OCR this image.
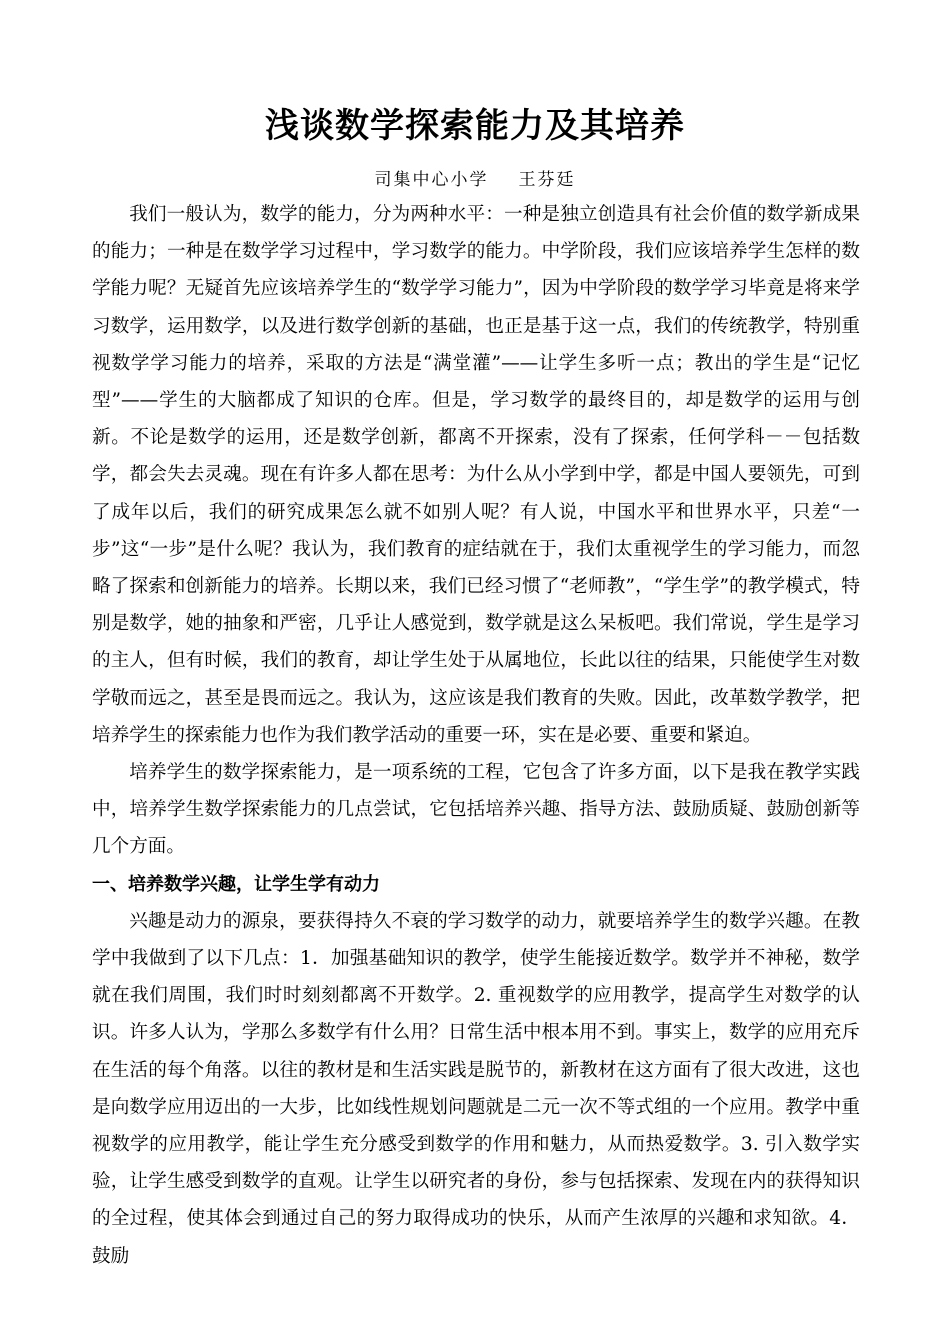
浅谈数学探索能力及其培养
司集中心小学 王芬廷

我们一般认为，数学的能力，分为两种水平：一种是独立创造具有社会价值的数学新成果的能力；一种是在数学学习过程中，学习数学的能力。中学阶段，我们应该培养学生怎样的数学能力呢？无疑首先应该培养学生的“数学学习能力”，因为中学阶段的数学学习毕竟是将来学习数学，运用数学，以及进行数学创新的基础，也正是基于这一点，我们的传统教学，特别重视数学学习能力的培养，采取的方法是“满堂灌”——让学生多听一点；教出的学生是“记忆型”——学生的大脑都成了知识的仓库。但是，学习数学的最终目的，却是数学的运用与创新。不论是数学的运用，还是数学创新，都离不开探索，没有了探索，任何学科－－包括数学，都会失去灵魂。现在有许多人都在思考：为什么从小学到中学，都是中国人要领先，可到了成年以后，我们的研究成果怎么就不如别人呢？有人说，中国水平和世界水平，只差“一步”这“一步”是什么呢？我认为，我们教育的症结就在于，我们太重视学生的学习能力，而忽略了探索和创新能力的培养。长期以来，我们已经习惯了“老师教”，“学生学”的教学模式，特别是数学，她的抽象和严密，几乎让人感觉到，数学就是这么呆板吧。我们常说，学生是学习的主人，但有时候，我们的教育，却让学生处于从属地位，长此以往的结果，只能使学生对数学敬而远之，甚至是畏而远之。我认为，这应该是我们教育的失败。因此，改革数学教学，把培养学生的探索能力也作为我们教学活动的重要一环，实在是必要、重要和紧迫。

培养学生的数学探索能力，是一项系统的工程，它包含了许多方面，以下是我在教学实践中，培养学生数学探索能力的几点尝试，它包括培养兴趣、指导方法、鼓励质疑、鼓励创新等几个方面。

一、培养数学兴趣，让学生学有动力

兴趣是动力的源泉，要获得持久不衰的学习数学的动力，就要培养学生的数学兴趣。在教学中我做到了以下几点：1．加强基础知识的教学，使学生能接近数学。数学并不神秘，数学就在我们周围，我们时时刻刻都离不开数学。2. 重视数学的应用教学，提高学生对数学的认识。许多人认为，学那么多数学有什么用？日常生活中根本用不到。事实上，数学的应用充斥在生活的每个角落。以往的教材是和生活实践是脱节的，新教材在这方面有了很大改进，这也是向数学应用迈出的一大步，比如线性规划问题就是二元一次不等式组的一个应用。教学中重视数学的应用教学，能让学生充分感受到数学的作用和魅力，从而热爱数学。3. 引入数学实验，让学生感受到数学的直观。让学生以研究者的身份，参与包括探索、发现在内的获得知识的全过程，使其体会到通过自己的努力取得成功的快乐，从而产生浓厚的兴趣和求知欲。4．鼓励
